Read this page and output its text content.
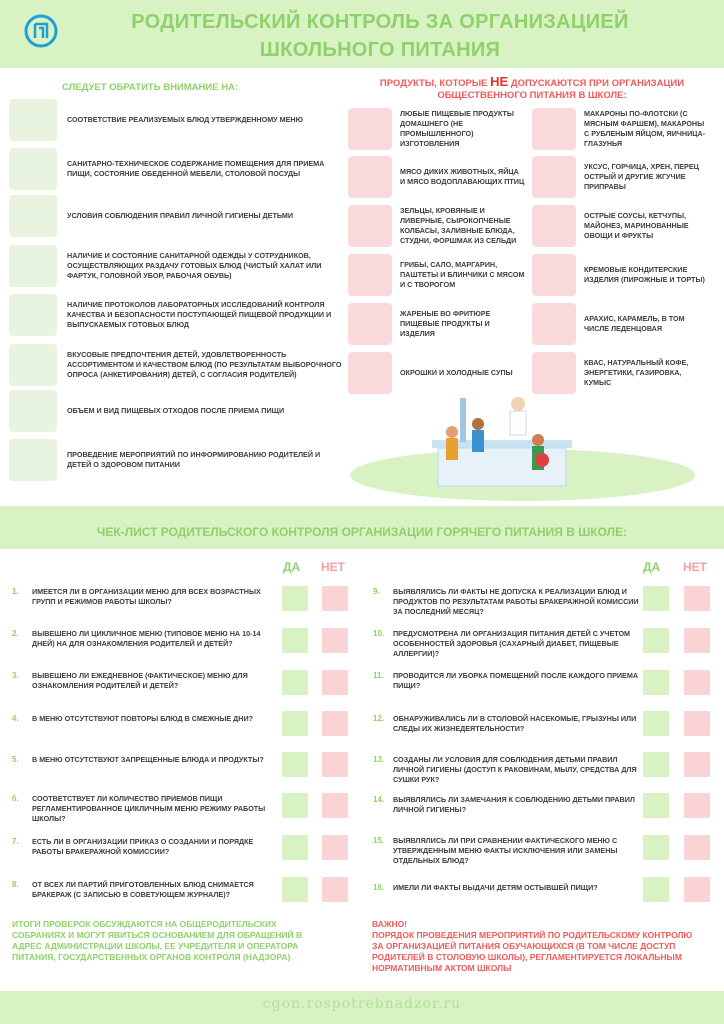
РОДИТЕЛЬСКИЙ КОНТРОЛЬ ЗА ОРГАНИЗАЦИЕЙ
ШКОЛЬНОГО ПИТАНИЯ
СЛЕДУЕТ ОБРАТИТЬ ВНИМАНИЕ НА:	ПРОДУКТЫ, КОТОРЫЕ НЕ ДОПУСКАЮТСЯ ПРИ ОРГАНИЗАЦИИ
ОБЩЕСТВЕННОГО ПИТАНИЯ В ШКОЛЕ:
СООТВЕТСТВИЕ РЕАЛИЗУЕМЫХ БЛЮД УТВЕРЖДЕННОМУ МЕНЮ
САНИТАРНО-ТЕХНИЧЕСКОЕ СОДЕРЖАНИЕ ПОМЕЩЕНИЯ ДЛЯ ПРИЕМА ПИЩИ, СОСТОЯНИЕ ОБЕДЕННОЙ МЕБЕЛИ, СТОЛОВОЙ ПОСУДЫ
УСЛОВИЯ СОБЛЮДЕНИЯ ПРАВИЛ ЛИЧНОЙ ГИГИЕНЫ ДЕТЬМИ
НАЛИЧИЕ И СОСТОЯНИЕ САНИТАРНОЙ ОДЕЖДЫ У СОТРУДНИКОВ, ОСУЩЕСТВЛЯЮЩИХ РАЗДАЧУ ГОТОВЫХ БЛЮД (ЧИСТЫЙ ХАЛАТ ИЛИ ФАРТУК, ГОЛОВНОЙ УБОР, РАБОЧАЯ ОБУВЬ)
НАЛИЧИЕ ПРОТОКОЛОВ ЛАБОРАТОРНЫХ ИССЛЕДОВАНИЙ КОНТРОЛЯ КАЧЕСТВА И БЕЗОПАСНОСТИ ПОСТУПАЮЩЕЙ ПИЩЕВОЙ ПРОДУКЦИИ И ВЫПУСКАЕМЫХ ГОТОВЫХ БЛЮД
ВКУСОВЫЕ ПРЕДПОЧТЕНИЯ ДЕТЕЙ, УДОВЛЕТВОРЕННОСТЬ АССОРТИМЕНТОМ И КАЧЕСТВОМ БЛЮД (ПО РЕЗУЛЬТАТАМ ВЫБОРОЧНОГО ОПРОСА (АНКЕТИРОВАНИЯ) ДЕТЕЙ, С СОГЛАСИЯ РОДИТЕЛЕЙ)
ОБЪЕМ И ВИД ПИЩЕВЫХ ОТХОДОВ ПОСЛЕ ПРИЕМА ПИЩИ
ПРОВЕДЕНИЕ МЕРОПРИЯТИЙ ПО ИНФОРМИРОВАНИЮ РОДИТЕЛЕЙ И ДЕТЕЙ О ЗДОРОВОМ ПИТАНИИ
ЛЮБЫЕ ПИЩЕВЫЕ ПРОДУКТЫ ДОМАШНЕГО (НЕ ПРОМЫШЛЕННОГО) ИЗГОТОВЛЕНИЯ
МЯСО ДИКИХ ЖИВОТНЫХ, ЯЙЦА И МЯСО ВОДОПЛАВАЮЩИХ ПТИЦ
ЗЕЛЬЦЫ, КРОВЯНЫЕ И ЛИВЕРНЫЕ, СЫРОКОПЧЕНЫЕ КОЛБАСЫ, ЗАЛИВНЫЕ БЛЮДА, СТУДНИ, ФОРШМАК ИЗ СЕЛЬДИ
ГРИБЫ, САЛО, МАРГАРИН, ПАШТЕТЫ И БЛИНЧИКИ С МЯСОМ И С ТВОРОГОМ
ЖАРЕНЫЕ ВО ФРИТЮРЕ ПИЩЕВЫЕ ПРОДУКТЫ И ИЗДЕЛИЯ
ОКРОШКИ И ХОЛОДНЫЕ СУПЫ
МАКАРОНЫ ПО-ФЛОТСКИ (С МЯСНЫМ ФАРШЕМ), МАКАРОНЫ С РУБЛЕНЫМ ЯЙЦОМ, ЯИЧНИЦА-ГЛАЗУНЬЯ
УКСУС, ГОРЧИЦА, ХРЕН, ПЕРЕЦ ОСТРЫЙ И ДРУГИЕ ЖГУЧИЕ ПРИПРАВЫ
ОСТРЫЕ СОУСЫ, КЕТЧУПЫ, МАЙОНЕЗ, МАРИНОВАННЫЕ ОВОЩИ И ФРУКТЫ
КРЕМОВЫЕ КОНДИТЕРСКИЕ ИЗДЕЛИЯ (ПИРОЖНЫЕ И ТОРТЫ)
АРАХИС, КАРАМЕЛЬ, В ТОМ ЧИСЛЕ ЛЕДЕНЦОВАЯ
КВАС, НАТУРАЛЬНЫЙ КОФЕ, ЭНЕРГЕТИКИ, ГАЗИРОВКА, КУМЫС
ЧЕК-ЛИСТ РОДИТЕЛЬСКОГО КОНТРОЛЯ ОРГАНИЗАЦИИ ГОРЯЧЕГО ПИТАНИЯ В ШКОЛЕ:
ДА НЕТ	ДА НЕТ
1.	ИМЕЕТСЯ ЛИ В ОРГАНИЗАЦИИ МЕНЮ ДЛЯ ВСЕХ ВОЗРАСТНЫХ ГРУПП И РЕЖИМОВ РАБОТЫ ШКОЛЫ?
2.	ВЫВЕШЕНО ЛИ ЦИКЛИЧНОЕ МЕНЮ (ТИПОВОЕ МЕНЮ НА 10-14 ДНЕЙ) НА ДЛЯ ОЗНАКОМЛЕНИЯ РОДИТЕЛЕЙ И ДЕТЕЙ?
3.	ВЫВЕШЕНО ЛИ ЕЖЕДНЕВНОЕ (ФАКТИЧЕСКОЕ) МЕНЮ ДЛЯ ОЗНАКОМЛЕНИЯ РОДИТЕЛЕЙ И ДЕТЕЙ?
4.	В МЕНЮ ОТСУТСТВУЮТ ПОВТОРЫ БЛЮД В СМЕЖНЫЕ ДНИ?
5.	В МЕНЮ ОТСУТСТВУЮТ ЗАПРЕЩЕННЫЕ БЛЮДА И ПРОДУКТЫ?
6.	СООТВЕТСТВУЕТ ЛИ КОЛИЧЕСТВО ПРИЕМОВ ПИЩИ РЕГЛАМЕНТИРОВАННОЕ ЦИКЛИЧНЫМ МЕНЮ РЕЖИМУ РАБОТЫ ШКОЛЫ?
7.	ЕСТЬ ЛИ В ОРГАНИЗАЦИИ ПРИКАЗ О СОЗДАНИИ И ПОРЯДКЕ РАБОТЫ БРАКЕРАЖНОЙ КОМИССИИ?
8.	ОТ ВСЕХ ЛИ ПАРТИЙ ПРИГОТОВЛЕННЫХ БЛЮД СНИМАЕТСЯ БРАКЕРАЖ (С ЗАПИСЬЮ В СОВЕТУЮЩЕМ ЖУРНАЛЕ)?
9.	ВЫЯВЛЯЛИСЬ ЛИ ФАКТЫ НЕ ДОПУСКА К РЕАЛИЗАЦИИ БЛЮД И ПРОДУКТОВ ПО РЕЗУЛЬТАТАМ РАБОТЫ БРАКЕРАЖНОЙ КОМИССИИ ЗА ПОСЛЕДНИЙ МЕСЯЦ?
10.	ПРЕДУСМОТРЕНА ЛИ ОРГАНИЗАЦИЯ ПИТАНИЯ ДЕТЕЙ С УЧЕТОМ ОСОБЕННОСТЕЙ ЗДОРОВЬЯ (САХАРНЫЙ ДИАБЕТ, ПИЩЕВЫЕ АЛЛЕРГИИ)?
11.	ПРОВОДИТСЯ ЛИ УБОРКА ПОМЕЩЕНИЙ ПОСЛЕ КАЖДОГО ПРИЕМА ПИЩИ?
12.	ОБНАРУЖИВАЛИСЬ ЛИ В СТОЛОВОЙ НАСЕКОМЫЕ, ГРЫЗУНЫ ИЛИ СЛЕДЫ ИХ ЖИЗНЕДЕЯТЕЛЬНОСТИ?
13.	СОЗДАНЫ ЛИ УСЛОВИЯ ДЛЯ СОБЛЮДЕНИЯ ДЕТЬМИ ПРАВИЛ ЛИЧНОЙ ГИГИЕНЫ (ДОСТУП К РАКОВИНАМ, МЫЛУ, СРЕДСТВА ДЛЯ СУШКИ РУК?
14.	ВЫЯВЛЯЛИСЬ ЛИ ЗАМЕЧАНИЯ К СОБЛЮДЕНИЮ ДЕТЬМИ ПРАВИЛ ЛИЧНОЙ ГИГИЕНЫ?
15.	ВЫЯВЛЯЛИСЬ ЛИ ПРИ СРАВНЕНИИ ФАКТИЧЕСКОГО МЕНЮ С УТВЕРЖДЕННЫМ МЕНЮ ФАКТЫ ИСКЛЮЧЕНИЯ ИЛИ ЗАМЕНЫ ОТДЕЛЬНЫХ БЛЮД?
16.	ИМЕЛИ ЛИ ФАКТЫ ВЫДАЧИ ДЕТЯМ ОСТЫВШЕЙ ПИЩИ?
ИТОГИ ПРОВЕРОК ОБСУЖДАЮТСЯ НА ОБЩЕРОДИТЕЛЬСКИХ СОБРАНИЯХ И МОГУТ ЯВИТЬСЯ ОСНОВАНИЕМ ДЛЯ ОБРАЩЕНИЙ В АДРЕС АДМИНИСТРАЦИИ ШКОЛЫ, ЕЕ УЧРЕДИТЕЛЯ И ОПЕРАТОРА ПИТАНИЯ, ГОСУДАРСТВЕННЫХ ОРГАНОВ КОНТРОЛЯ (НАДЗОРА)
ВАЖНО!
ПОРЯДОК ПРОВЕДЕНИЯ МЕРОПРИЯТИЙ ПО РОДИТЕЛЬСКОМУ КОНТРОЛЮ ЗА ОРГАНИЗАЦИЕЙ ПИТАНИЯ ОБУЧАЮЩИХСЯ (В ТОМ ЧИСЛЕ ДОСТУП РОДИТЕЛЕЙ В СТОЛОВУЮ ШКОЛЫ), РЕГЛАМЕНТИРУЕТСЯ ЛОКАЛЬНЫМ НОРМАТИВНЫМ АКТОМ ШКОЛЫ
cgon.rospotrebnadzor.ru
